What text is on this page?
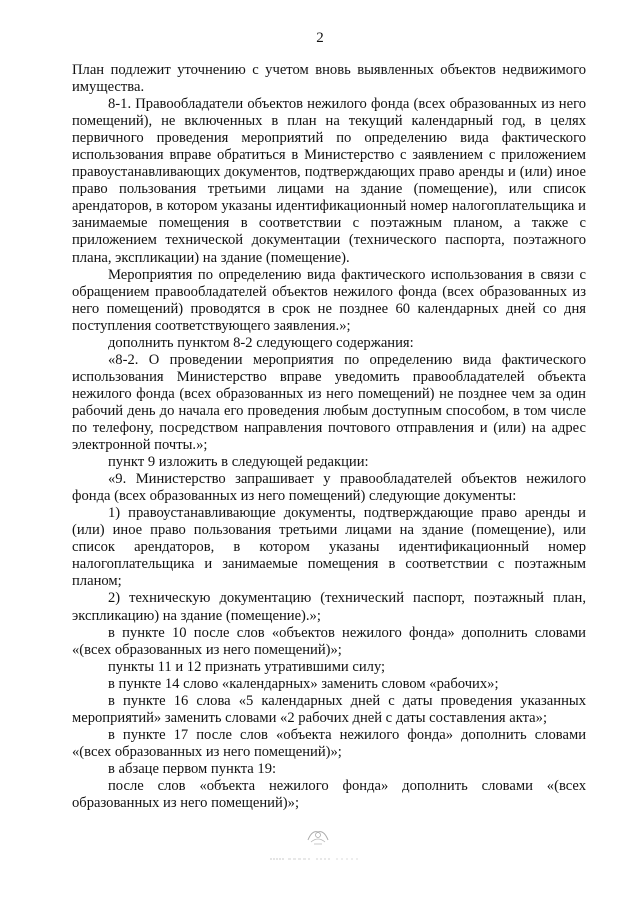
2

План подлежит уточнению с учетом вновь выявленных объектов недвижимого имущества.

8-1. Правообладатели объектов нежилого фонда (всех образованных из него помещений), не включенных в план на текущий календарный год, в целях первичного проведения мероприятий по определению вида фактического использования вправе обратиться в Министерство с заявлением с приложением правоустанавливающих документов, подтверждающих право аренды и (или) иное право пользования третьими лицами на здание (помещение), или список арендаторов, в котором указаны идентификационный номер налогоплательщика и занимаемые помещения в соответствии с поэтажным планом, а также с приложением технической документации (технического паспорта, поэтажного плана, экспликации) на здание (помещение).

Мероприятия по определению вида фактического использования в связи с обращением правообладателей объектов нежилого фонда (всех образованных из него помещений) проводятся в срок не позднее 60 календарных дней со дня поступления соответствующего заявления.»;

дополнить пунктом 8-2 следующего содержания:

«8-2. О проведении мероприятия по определению вида фактического использования Министерство вправе уведомить правообладателей объекта нежилого фонда (всех образованных из него помещений) не позднее чем за один рабочий день до начала его проведения любым доступным способом, в том числе по телефону, посредством направления почтового отправления и (или) на адрес электронной почты.»;

пункт 9 изложить в следующей редакции:

«9. Министерство запрашивает у правообладателей объектов нежилого фонда (всех образованных из него помещений) следующие документы:

1) правоустанавливающие документы, подтверждающие право аренды и (или) иное право пользования третьими лицами на здание (помещение), или список арендаторов, в котором указаны идентификационный номер налогоплательщика и занимаемые помещения в соответствии с поэтажным планом;

2) техническую документацию (технический паспорт, поэтажный план, экспликацию) на здание (помещение).»;

в пункте 10 после слов «объектов нежилого фонда» дополнить словами «(всех образованных из него помещений)»;

пункты 11 и 12 признать утратившими силу;

в пункте 14 слово «календарных» заменить словом «рабочих»;

в пункте 16 слова «5 календарных дней с даты проведения указанных мероприятий» заменить словами «2 рабочих дней с даты составления акта»;

в пункте 17 после слов «объекта нежилого фонда» дополнить словами «(всех образованных из него помещений)»;

в абзаце первом пункта 19:

после слов «объекта нежилого фонда» дополнить словами «(всех образованных из него помещений)»;
